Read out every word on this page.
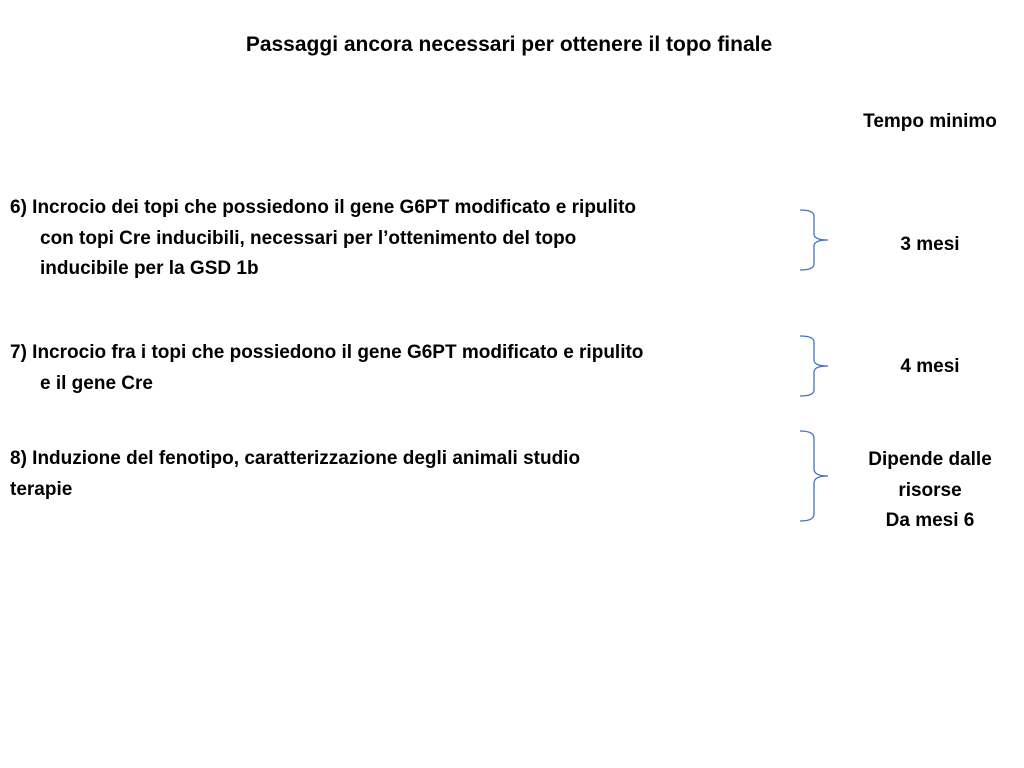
Passaggi ancora necessari per ottenere il topo finale
Tempo minimo
6) Incrocio dei topi che possiedono il gene G6PT modificato e ripulito
con topi Cre inducibili, necessari per l’ottenimento del topo
inducibile per la GSD 1b
3 mesi
7) Incrocio fra i topi che possiedono il gene G6PT modificato e ripulito
e il gene Cre
4 mesi
8) Induzione del fenotipo, caratterizzazione degli animali studio
terapie
Dipende dalle
risorse
Da mesi 6
